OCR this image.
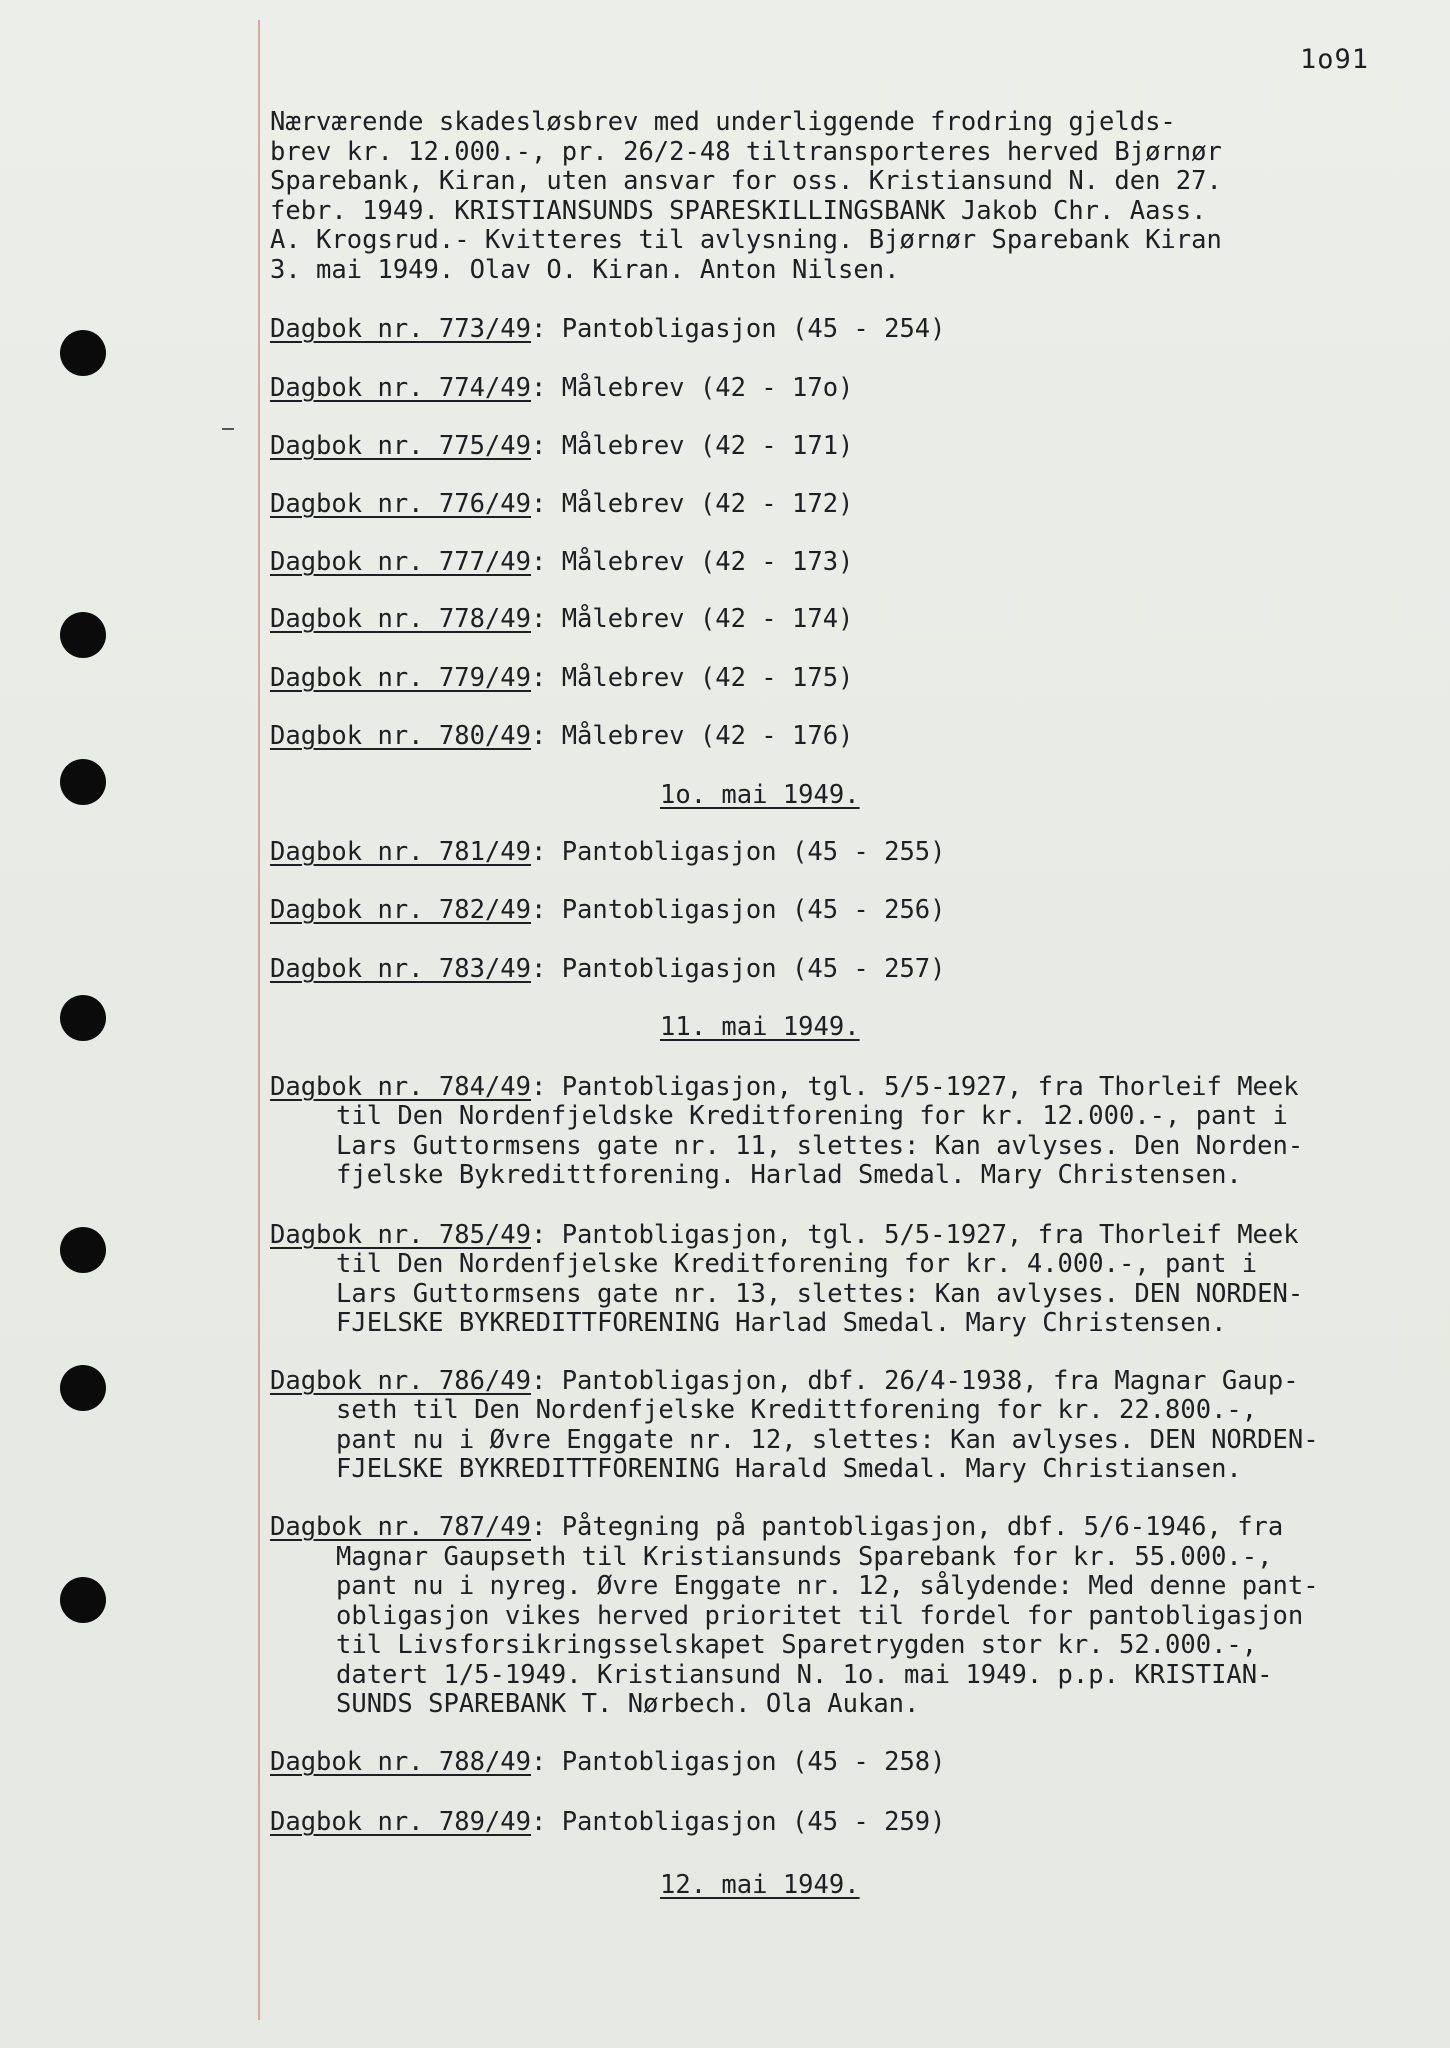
1o91
Nærværende skadesløsbrev med underliggende frodring gjelds-
brev kr. 12.000.-, pr. 26/2-48 tiltransporteres herved Bjørnør
Sparebank, Kiran, uten ansvar for oss. Kristiansund N. den 27.
febr. 1949. KRISTIANSUNDS SPARESKILLINGSBANK Jakob Chr. Aass.
A. Krogsrud.- Kvitteres til avlysning. Bjørnør Sparebank Kiran
3. mai 1949. Olav O. Kiran. Anton Nilsen.
Dagbok nr. 773/49: Pantobligasjon (45 - 254)
Dagbok nr. 774/49: Målebrev (42 - 17o)
Dagbok nr. 775/49: Målebrev (42 - 171)
Dagbok nr. 776/49: Målebrev (42 - 172)
Dagbok nr. 777/49: Målebrev (42 - 173)
Dagbok nr. 778/49: Målebrev (42 - 174)
Dagbok nr. 779/49: Målebrev (42 - 175)
Dagbok nr. 780/49: Målebrev (42 - 176)
1o. mai 1949.
Dagbok nr. 781/49: Pantobligasjon (45 - 255)
Dagbok nr. 782/49: Pantobligasjon (45 - 256)
Dagbok nr. 783/49: Pantobligasjon (45 - 257)
11. mai 1949.
Dagbok nr. 784/49: Pantobligasjon, tgl. 5/5-1927, fra Thorleif Meek
til Den Nordenfjeldske Kreditforening for kr. 12.000.-, pant i
Lars Guttormsens gate nr. 11, slettes: Kan avlyses. Den Norden-
fjelske Bykredittforening. Harlad Smedal. Mary Christensen.
Dagbok nr. 785/49: Pantobligasjon, tgl. 5/5-1927, fra Thorleif Meek
til Den Nordenfjelske Kreditforening for kr. 4.000.-, pant i
Lars Guttormsens gate nr. 13, slettes: Kan avlyses. DEN NORDEN-
FJELSKE BYKREDITTFORENING Harlad Smedal. Mary Christensen.
Dagbok nr. 786/49: Pantobligasjon, dbf. 26/4-1938, fra Magnar Gaup-
seth til Den Nordenfjelske Kredittforening for kr. 22.800.-,
pant nu i Øvre Enggate nr. 12, slettes: Kan avlyses. DEN NORDEN-
FJELSKE BYKREDITTFORENING Harald Smedal. Mary Christiansen.
Dagbok nr. 787/49: Påtegning på pantobligasjon, dbf. 5/6-1946, fra
Magnar Gaupseth til Kristiansunds Sparebank for kr. 55.000.-,
pant nu i nyreg. Øvre Enggate nr. 12, sålydende: Med denne pant-
obligasjon vikes herved prioritet til fordel for pantobligasjon
til Livsforsikringsselskapet Sparetrygden stor kr. 52.000.-,
datert 1/5-1949. Kristiansund N. 1o. mai 1949. p.p. KRISTIAN-
SUNDS SPAREBANK T. Nørbech. Ola Aukan.
Dagbok nr. 788/49: Pantobligasjon (45 - 258)
Dagbok nr. 789/49: Pantobligasjon (45 - 259)
12. mai 1949.
